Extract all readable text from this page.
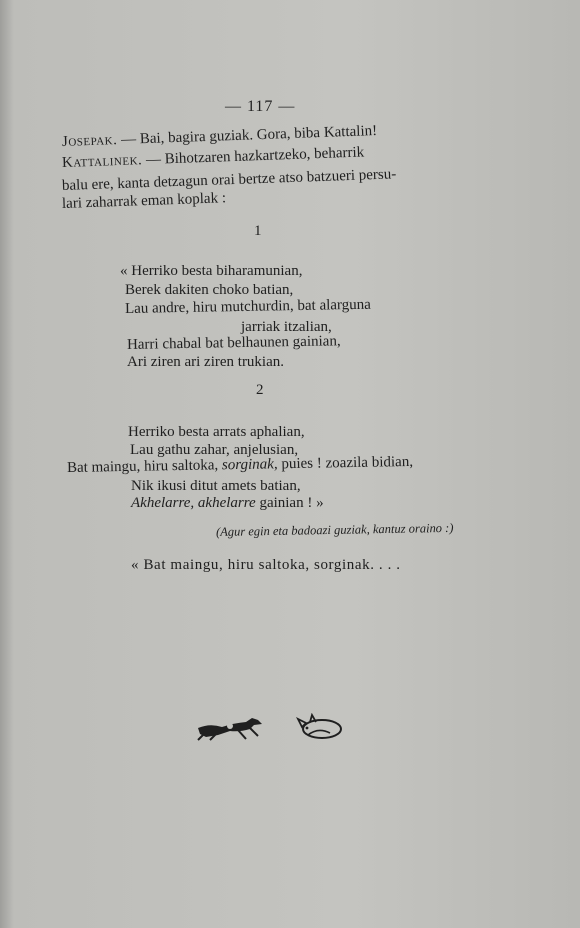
— 117 —
Josepak. — Bai, bagira guziak. Gora, biba Kattalin!
Kattalinek. — Bihotzaren hazkartzeko, beharrik
balu ere, kanta detzagun orai bertze atso batzueri persu-
lari zaharrak eman koplak :
1
« Herriko besta biharamunian,
Berek dakiten choko batian,
Lau andre, hiru mutchurdin, bat alarguna
jarriak itzalian,
Harri chabal bat belhaunen gainian,
Ari ziren ari ziren trukian.
2
Herriko besta arrats aphalian,
Lau gathu zahar, anjelusian,
Bat maingu, hiru saltoka, sorginak, puies ! zoazila bidian,
Nik ikusi ditut amets batian,
Akhelarre, akhelarre gainian ! »
(Agur egin eta badoazi guziak, kantuz oraino :)
« Bat maingu, hiru saltoka, sorginak. . . .
